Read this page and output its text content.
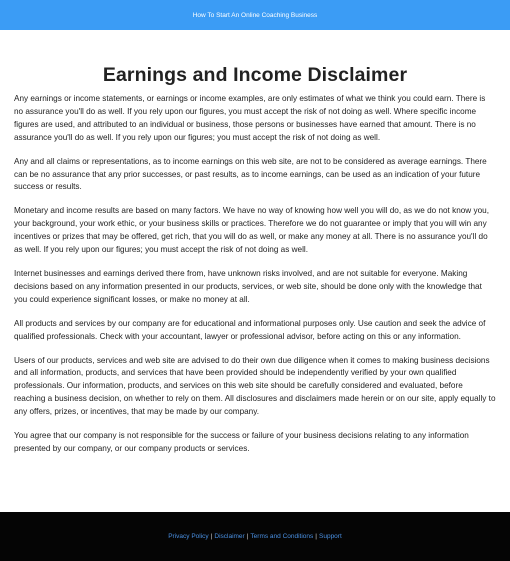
How To Start An Online Coaching Business
Earnings and Income Disclaimer

Any earnings or income statements, or earnings or income examples, are only estimates of what we think you could earn. There is no assurance you'll do as well. If you rely upon our figures, you must accept the risk of not doing as well. Where specific income figures are used, and attributed to an individual or business, those persons or businesses have earned that amount. There is no assurance you'll do as well. If you rely upon our figures; you must accept the risk of not doing as well.

Any and all claims or representations, as to income earnings on this web site, are not to be considered as average earnings. There can be no assurance that any prior successes, or past results, as to income earnings, can be used as an indication of your future success or results.

Monetary and income results are based on many factors. We have no way of knowing how well you will do, as we do not know you, your background, your work ethic, or your business skills or practices. Therefore we do not guarantee or imply that you will win any incentives or prizes that may be offered, get rich, that you will do as well, or make any money at all. There is no assurance you'll do as well. If you rely upon our figures; you must accept the risk of not doing as well.

Internet businesses and earnings derived there from, have unknown risks involved, and are not suitable for everyone. Making decisions based on any information presented in our products, services, or web site, should be done only with the knowledge that you could experience significant losses, or make no money at all.

All products and services by our company are for educational and informational purposes only. Use caution and seek the advice of qualified professionals. Check with your accountant, lawyer or professional advisor, before acting on this or any information.

Users of our products, services and web site are advised to do their own due diligence when it comes to making business decisions and all information, products, and services that have been provided should be independently verified by your own qualified professionals. Our information, products, and services on this web site should be carefully considered and evaluated, before reaching a business decision, on whether to rely on them. All disclosures and disclaimers made herein or on our site, apply equally to any offers, prizes, or incentives, that may be made by our company.

You agree that our company is not responsible for the success or failure of your business decisions relating to any information presented by our company, or our company products or services.

Privacy Policy | Disclaimer | Terms and Conditions | Support
